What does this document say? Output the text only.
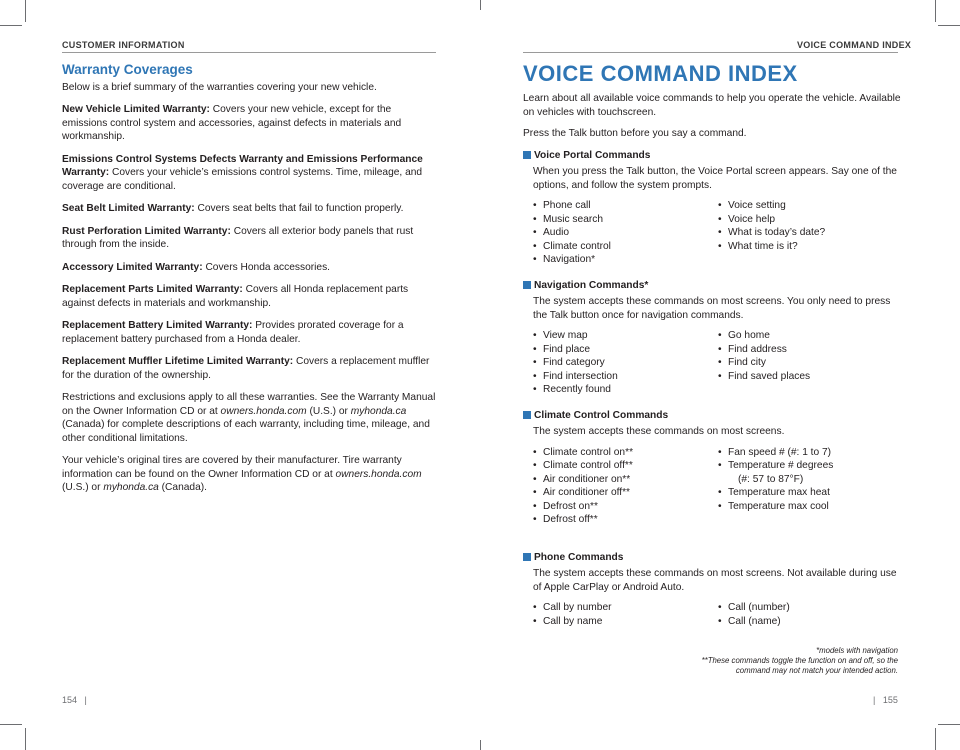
CUSTOMER INFORMATION
Warranty Coverages

Below is a brief summary of the warranties covering your new vehicle.

New Vehicle Limited Warranty: Covers your new vehicle, except for the emissions control system and accessories, against defects in materials and workmanship.

Emissions Control Systems Defects Warranty and Emissions Performance Warranty: Covers your vehicle’s emissions control systems. Time, mileage, and coverage are conditional.

Seat Belt Limited Warranty: Covers seat belts that fail to function properly.

Rust Perforation Limited Warranty: Covers all exterior body panels that rust through from the inside.

Accessory Limited Warranty: Covers Honda accessories.

Replacement Parts Limited Warranty: Covers all Honda replacement parts against defects in materials and workmanship.

Replacement Battery Limited Warranty: Provides prorated coverage for a replacement battery purchased from a Honda dealer.

Replacement Muffler Lifetime Limited Warranty: Covers a replacement muffler for the duration of the ownership.

Restrictions and exclusions apply to all these warranties. See the Warranty Manual on the Owner Information CD or at owners.honda.com (U.S.) or myhonda.ca (Canada) for complete descriptions of each warranty, including time, mileage, and other conditional limitations.

Your vehicle’s original tires are covered by their manufacturer. Tire warranty information can be found on the Owner Information CD or at owners.honda.com (U.S.) or myhonda.ca (Canada).

154   |
VOICE COMMAND INDEX
VOICE COMMAND INDEX

Learn about all available voice commands to help you operate the vehicle. Available on vehicles with touchscreen.

Press the Talk button before you say a command.

Voice Portal Commands
When you press the Talk button, the Voice Portal screen appears. Say one of the options, and follow the system prompts.
• Phone call
• Music search
• Audio
• Climate control
• Navigation*
• Voice setting
• Voice help
• What is today’s date?
• What time is it?
Navigation Commands*
The system accepts these commands on most screens. You only need to press the Talk button once for navigation commands.
• View map
• Find place
• Find category
• Find intersection
• Recently found
• Go home
• Find address
• Find city
• Find saved places
Climate Control Commands
The system accepts these commands on most screens.
• Climate control on**
• Climate control off**
• Air conditioner on**
• Air conditioner off**
• Defrost on**
• Defrost off**
• Fan speed # (#: 1 to 7)
• Temperature # degrees
(#: 57 to 87°F)
• Temperature max heat
• Temperature max cool
Phone Commands
The system accepts these commands on most screens. Not available during use of Apple CarPlay or Android Auto.
• Call by number
• Call by name
• Call (number)
• Call (name)
*models with navigation
**These commands toggle the function on and off, so the
command may not match your intended action.
|   155
